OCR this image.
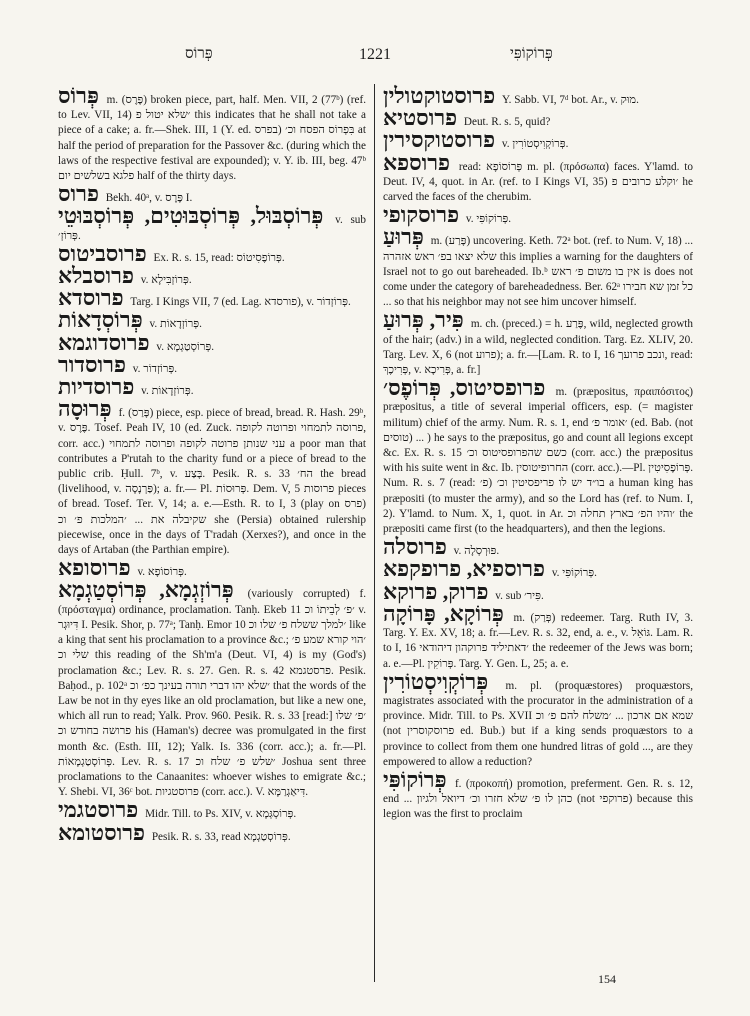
פְּרוֹס	1221	פְּרוֹקוֹפִּי

פְּרוֹס m. (פֶּרֶס) broken piece, part, half. Men. VII, 2 (77ᵇ) (ref. to Lev. VII, 14) ׳שלא יטול פ this indicates that he shall not take a piece of a cake; a. fr.—Shek. III, 1 (Y. ed. בפרס) בִּפְרוֹס הפסח וכ׳ at half the period of preparation for the Passover &c. (during which the laws of the respective festival are expounded); v. Y. ib. III, beg. 47ᵇ פלגא בשלשים יום half of the thirty days.

פרוס Bekh. 40ᵃ, v. פֶּרֶס I.

פְּרוֹסְבּוּל, פְּרוֹסְבּוּטִים, פְּרוֹסְבּוּטֵי v. sub פְּרוֹזְ׳.

פרוסביטוס Ex. R. s. 15, read: פְּרוֹפֶסִיטוֹס.

פרוסבלא v. פְּרוֹזְבִּילָא.

פרוסדא Targ. I Kings VII, 7 (ed. Lag. פורסדא), v. פְּרוֹזְדוֹר.

פְּרוֹסְדָאוֹת v. פְּרוֹזְדָאוֹת.

פרוסדוגמא v. פְּרוֹסְטַגְמָא.

פרוסדור v. פְּרוֹזְדוֹר.

פרוסדיות v. פְּרוֹזְדָאוֹת.

פְּרוּסָה f. (פָּרַס) piece, esp. piece of bread, bread. R. Hash. 29ᵇ, v. פֶּרֶס. Tosef. Peah IV, 10 (ed. Zuck. פרוסה לתמחוי ופרוטה לקופה, corr. acc.) עני שנותן פרוטה לקופה ופרוסה לתמחוי a poor man that contributes a P'rutah to the charity fund or a piece of bread to the public crib. Ḥull. 7ᵇ, v. בָּצַע. Pesik. R. s. 33 הח׳ the bread (livelihood, v. פַּרְנָסָה); a. fr.— Pl. פְּרוּסוֹת. Dem. V, 5 פרוסות pieces of bread. Tosef. Ter. V, 14; a. e.—Esth. R. to I, 3 (play on פרס) שקיבלה את ... ׳המלכות פ׳ וכ she (Persia) obtained rulership piecewise, once in the days of T'radah (Xerxes?), and once in the days of Artaban (the Parthian empire).

פרוסופא v. פְּרוֹסוֹפָא.

פְּרוֹזְגְמָא, פְּרוֹסְטַגְמָא (variously corrupted) f. (πρόσταγμα) ordinance, proclamation. Tanḥ. Ekeb 11 ׳פ׳ לְבֵיתוֹ וכ v. דִּיוּגְר I. Pesik. Shor, p. 77ᵃ; Tanḥ. Emor 10 ׳למלך ששלח פ׳ שלו וכ like a king that sent his proclamation to a province &c.; ׳הוי קורא שמע פ׳ שלי וכ this reading of the Sh'm'a (Deut. VI, 4) is my (God's) proclamation &c.; Lev. R. s. 27. Gen. R. s. 42 פרסטגמא. Pesik. Baḥod., p. 102ᵃ ׳שלא יהו דברי תורה בעינך כפ׳ וכ that the words of the Law be not in thy eyes like an old proclamation, but like a new one, which all run to read; Yalk. Prov. 960. Pesik. R. s. 33 [read:] ׳פ׳ שלו פרושה בחודש וכ his (Haman's) decree was promulgated in the first month &c. (Esth. III, 12); Yalk. Is. 336 (corr. acc.); a. fr.—Pl. פְּרוֹסְטַגְמָאוֹת. Lev. R. s. 17 ׳שלש פ׳ שלח וכ Joshua sent three proclamations to the Canaanites: whoever wishes to emigrate &c.; Y. Shebi. VI, 36ᶜ bot. פרוסטגיות (corr. acc.). V. דִּיאַגְרַמָּא.

פרוסטגמי Midr. Till. to Ps. XIV, v. פְּרוֹסְגְּמָא.

פרוסטומא Pesik. R. s. 33, read פְּרוֹסְטַגְמָא.

פרוסטוקטולין Y. Sabb. VI, 7ᵈ bot. Ar., v. מוּק.

פרוסטיא Deut. R. s. 5, quid?

פרוסטוקסירין v. פְּרוֹקְוִיסְטוֹרִין.

פרוספא read: פְּרוֹסוֹפָא m. pl. (πρόσωπα) faces. Y'lamd. to Deut. IV, 4, quot. in Ar. (ref. to I Kings VI, 35) ׳וקלע כרובים פ he carved the faces of the cherubim.

פרוסקופי v. פְּרוֹקוֹפִּי.

פְּרוּעַ m. (פָּרַע) uncovering. Keth. 72ᵃ bot. (ref. to Num. V, 18) ... שלא יצאו בפ׳ ראש אזהרה this implies a warning for the daughters of Israel not to go out bareheaded. Ib.ᵇ אין בו משום פ׳ ראש is does not come under the category of bareheadedness. Ber. 62ᵃ כל זמן שא חבירו ... so that his neighbor may not see him uncover himself.

פִּיר, פְּרוּעַ m. ch. (preced.) = h. פֶּרַע, wild, neglected growth of the hair; (adv.) in a wild, neglected condition. Targ. Ez. XLIV, 20. Targ. Lev. X, 6 (not פרוע); a. fr.—[Lam. R. to I, 16 ונכב פרועך, read: פְּרִיכֶךְ, v. פְּרִיכָא, a. fr.]

פרופסיטוס, פְּרוֹפֶס׳ m. (præpositus, πραιπόσιτος) præpositus, a title of several imperial officers, esp. (= magister militum) chief of the army. Num. R. s. 1, end ׳אומר פ׳ (ed. Bab. (not טוסים) ... ) he says to the præpositus, go and count all legions except &c. Ex. R. s. 15 כשם שהפרופסיטוס וכ׳ (corr. acc.) the præpositus with his suite went in &c. Ib. החרופיטוסין (corr. acc.).—Pl. פְּרוֹפֶסִיטִין. Num. R. s. 7 (read: פ׳) בו״ד יש לו פריפסיטין וכ׳ a human king has præpositi (to muster the army), and so the Lord has (ref. to Num. I, 2). Y'lamd. to Num. X, 1, quot. in Ar. ׳והיו הפ׳ בארץ תחלה וכ the præpositi came first (to the headquarters), and then the legions.

פרוסלה v. פּוּרְסְלָה.

פרוספיא, פרופקפא v. פְּרוֹקוֹפִּי.

פרוק, פרוקא v. sub פִּיר׳.

פְּרוֹקָא, פָּרוֹקָה m. (פְּרַק) redeemer. Targ. Ruth IV, 3. Targ. Y. Ex. XV, 18; a. fr.—Lev. R. s. 32, end, a. e., v. גּוֹאֵל. Lam. R. to I, 16 ׳דאתיליד פרוקהון דיהודאי the redeemer of the Jews was born; a. e.—Pl. פְּרוֹקִין. Targ. Y. Gen. L, 25; a. e.

פְּרוֹקְוִיסְטוֹרִין m. pl. (proquæstores) proquæstors, magistrates associated with the procurator in the administration of a province. Midr. Till. to Ps. XVII שמא אם ארכון ... ׳משלח להם פ׳ וכ (not פרוסקוסרין ed. Bub.) but if a king sends proquæstors to a province to collect from them one hundred litras of gold ..., are they empowered to allow a reduction?

פְּרוֹקוֹפִּי f. (προκοπή) promotion, preferment. Gen. R. s. 12, end ... כהן לו פ׳ שלא חזרו וכ׳ דיואל ולגיון (not פרוקפי) because this legion was the first to proclaim

154
